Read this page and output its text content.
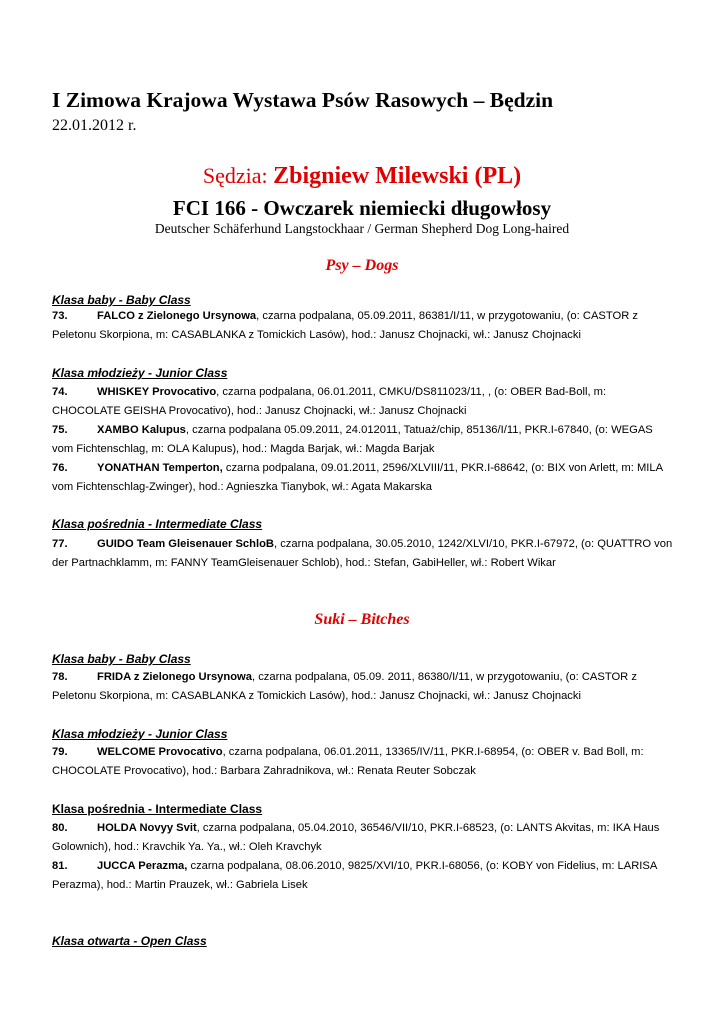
I Zimowa Krajowa Wystawa Psów Rasowych – Będzin
22.01.2012 r.
Sędzia: Zbigniew Milewski (PL)
FCI 166 - Owczarek niemiecki długowłosy
Deutscher Schäferhund Langstockhaar / German Shepherd Dog Long-haired
Psy – Dogs
Klasa baby - Baby Class
73.	FALCO z Zielonego Ursynowa, czarna podpalana, 05.09.2011, 86381/I/11, w przygotowaniu, (o: CASTOR z Peletonu Skorpiona, m: CASABLANKA z Tomickich Lasów), hod.: Janusz Chojnacki, wł.: Janusz Chojnacki
Klasa młodzieży - Junior Class
74.	WHISKEY Provocativo, czarna podpalana, 06.01.2011, CMKU/DS811023/11, , (o: OBER Bad-Boll, m: CHOCOLATE GEISHA Provocativo), hod.: Janusz Chojnacki, wł.: Janusz Chojnacki
75.	XAMBO Kalupus, czarna podpalana 05.09.2011, 24.012011, Tatuaż/chip, 85136/I/11, PKR.I-67840, (o: WEGAS vom Fichtenschlag, m: OLA Kalupus), hod.: Magda Barjak, wł.: Magda Barjak
76.	YONATHAN Temperton, czarna podpalana, 09.01.2011, 2596/XLVIII/11, PKR.I-68642, (o: BIX von Arlett, m: MILA vom Fichtenschlag-Zwinger), hod.: Agnieszka Tianybok, wł.: Agata Makarska
Klasa pośrednia - Intermediate Class
77.	GUIDO Team Gleisenauer SchloB, czarna podpalana, 30.05.2010, 1242/XLVI/10, PKR.I-67972, (o: QUATTRO von der Partnachklamm, m: FANNY TeamGleisenauer Schlob), hod.: Stefan, GabiHeller, wł.: Robert Wikar
Suki – Bitches
Klasa baby - Baby Class
78.	FRIDA z Zielonego Ursynowa, czarna podpalana, 05.09. 2011, 86380/I/11, w przygotowaniu, (o: CASTOR z Peletonu Skorpiona, m: CASABLANKA z Tomickich Lasów), hod.: Janusz Chojnacki, wł.: Janusz Chojnacki
Klasa młodzieży - Junior Class
79.	WELCOME Provocativo, czarna podpalana, 06.01.2011, 13365/IV/11, PKR.I-68954, (o: OBER v. Bad Boll, m: CHOCOLATE Provocativo), hod.: Barbara Zahradnikova, wł.: Renata Reuter Sobczak
Klasa pośrednia - Intermediate Class
80.	HOLDA Novyy Svit, czarna podpalana, 05.04.2010, 36546/VII/10, PKR.I-68523, (o: LANTS Akvitas, m: IKA Haus Golownich), hod.: Kravchik Ya. Ya., wł.: Oleh Kravchyk
81.	JUCCA Perazma, czarna podpalana, 08.06.2010, 9825/XVI/10, PKR.I-68056, (o: KOBY von Fidelius, m: LARISA Perazma), hod.: Martin Prauzek, wł.: Gabriela Lisek
Klasa otwarta - Open Class
